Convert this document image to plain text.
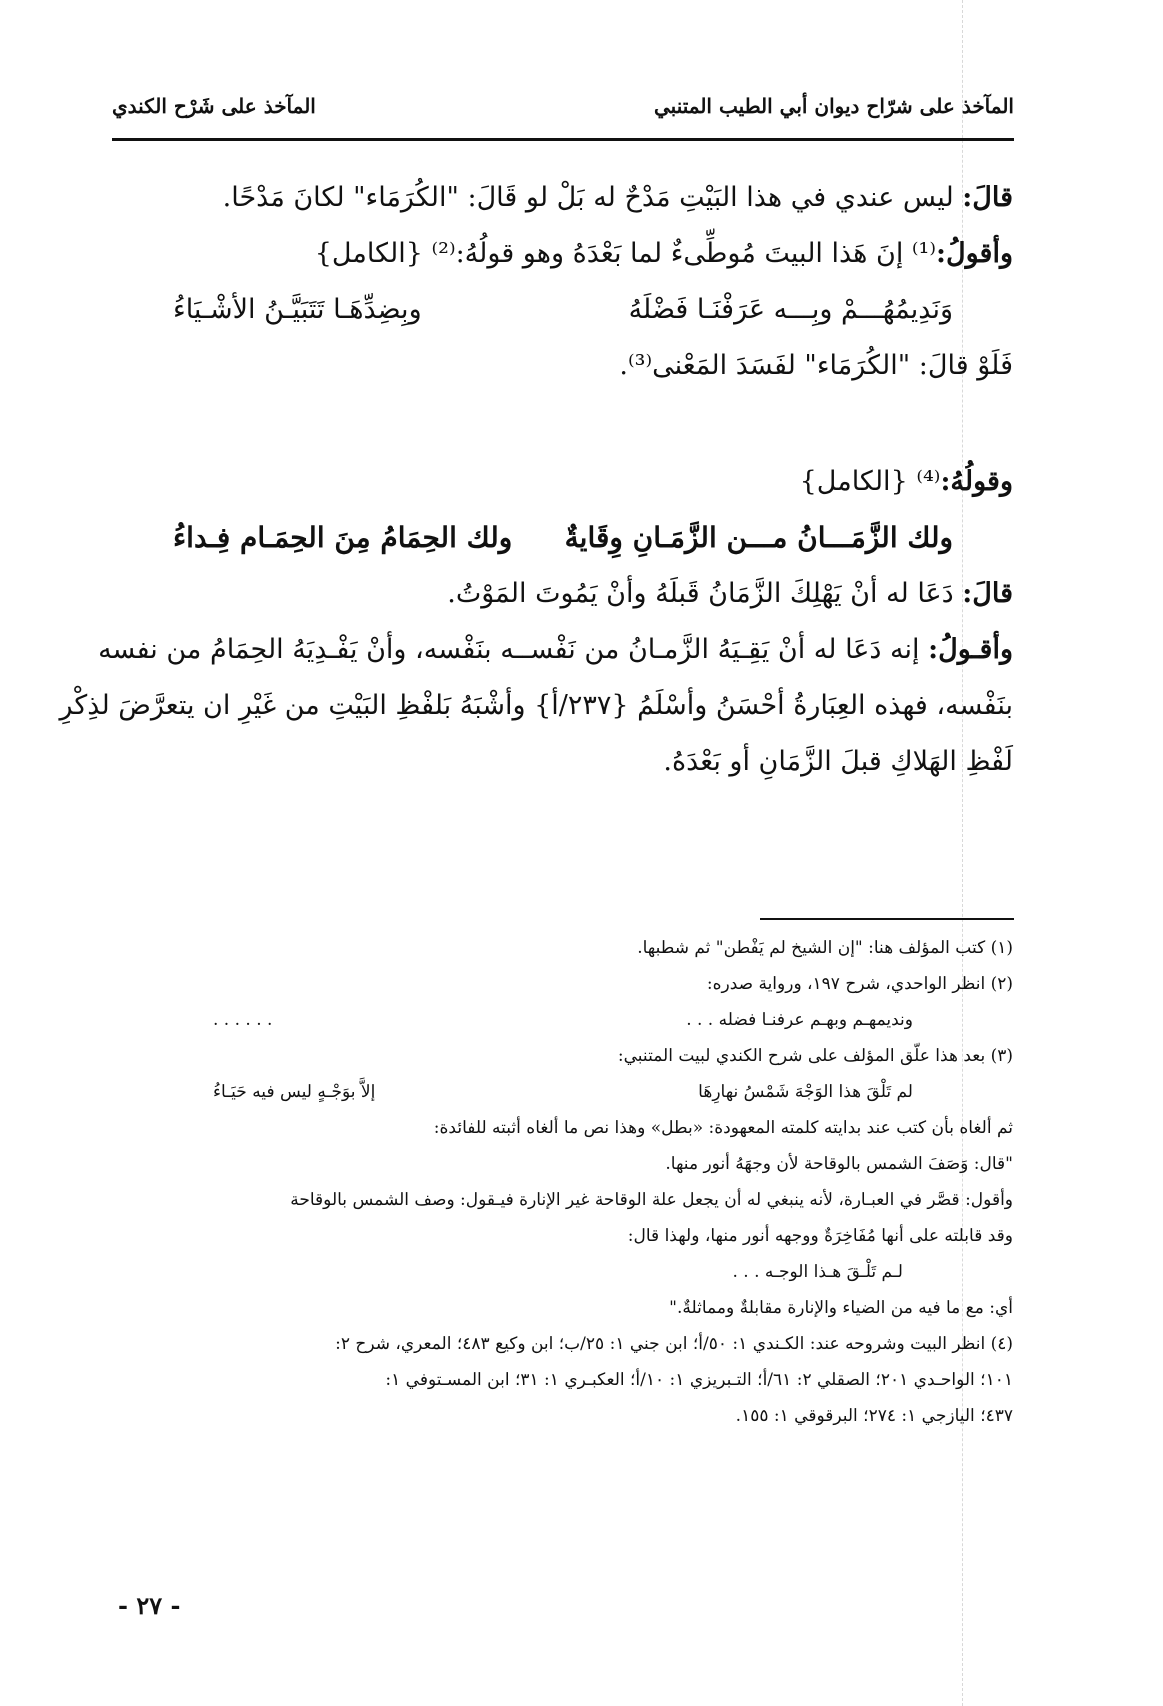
المآخذ على شرّاح ديوان أبي الطيب المتنبي
المآخذ على شَرْح الكندي
قالَ: ليس عندي في هذا البَيْتِ مَدْحٌ له بَلْ لو قَالَ: "الكُرَمَاء" لكانَ مَدْحًا.
وأقولُ:⁽¹⁾ إنَ هَذا البيتَ مُوطِّىءٌ لما بَعْدَهُ وهو قولُهُ:⁽²⁾ {الكامل}
وَنَدِيمُهُـــمْ وبِـــه عَرَفْنَـا فَضْلَهُ
وبِضِدِّهَـا تَتَبَيَّـنُ الأشْـيَاءُ
فَلَوْ قالَ: "الكُرَمَاء" لفَسَدَ المَعْنى⁽³⁾.
وقولُهُ:⁽⁴⁾ {الكامل}
ولك الزَّمَـــانُ مـــن الزَّمَـانِ وِقَايةٌ
ولك الحِمَامُ مِنَ الحِمَـام فِـداءُ
قالَ: دَعَا له أنْ يَهْلِكَ الزَّمَانُ قَبلَهُ وأنْ يَمُوتَ المَوْتُ.
وأقـولُ: إنه دَعَا له أنْ يَقِـيَهُ الزَّمـانُ من نَفْســه بنَفْسه، وأنْ يَفْـدِيَهُ الحِمَامُ من نفسه
بنَفْسه، فهذه العِبَارةُ أحْسَنُ وأسْلَمُ {٢٣٧/أ} وأشْبَهُ بَلفْظِ البَيْتِ من غَيْرِ ان يتعرَّضَ لذِكْرِ
لَفْظِ الهَلاكِ قبلَ الزَّمَانِ أو بَعْدَهُ.
(١) كتب المؤلف هنا: "إن الشيخ لم يَفْطن" ثم شطبها.
(٢) انظر الواحدي، شرح ١٩٧، ورواية صدره:
ونديمهـم وبهـم عرفنـا فضله . . .
. . . . . .
(٣) بعد هذا علّق المؤلف على شرح الكندي لبيت المتنبي:
لم تَلْقَ هذا الوَجْهَ شَمْسُ نهارِهَا
إلاَّ بوَجْـهٍ ليس فيه حَيَـاءُ
ثم ألغاه بأن كتب عند بدايته كلمته المعهودة: «بطل» وهذا نص ما ألغاه أثبته للفائدة:
"قال: وَصَفَ الشمس بالوقاحة لأن وجهَهُ أنور منها.
وأقول: قصَّر في العبـارة، لأنه ينبغي له أن يجعل علة الوقاحة غير الإنارة فيـقول: وصف الشمس بالوقاحة
وقد قابلته على أنها مُفَاخِرَةٌ ووجهه أنور منها، ولهذا قال:
لـم تَلْـقَ هـذا الوجـه . . .
أي: مع ما فيه من الضياء والإنارة مقابلةٌ ومماثلةٌ."
(٤) انظر البيت وشروحه عند: الكـندي ١: ٥٠/أ؛ ابن جني ١: ٢٥/ب؛ ابن وكيع ٤٨٣؛ المعري، شرح ٢:
١٠١؛ الواحـدي ٢٠١؛ الصقلي ٢: ٦١/أ؛ التـبريزي ١: ١٠/أ؛ العكبـري ١: ٣١؛ ابن المسـتوفي ١:
٤٣٧؛ اليازجي ١: ٢٧٤؛ البرقوقي ١: ١٥٥.
- ٢٧ -
